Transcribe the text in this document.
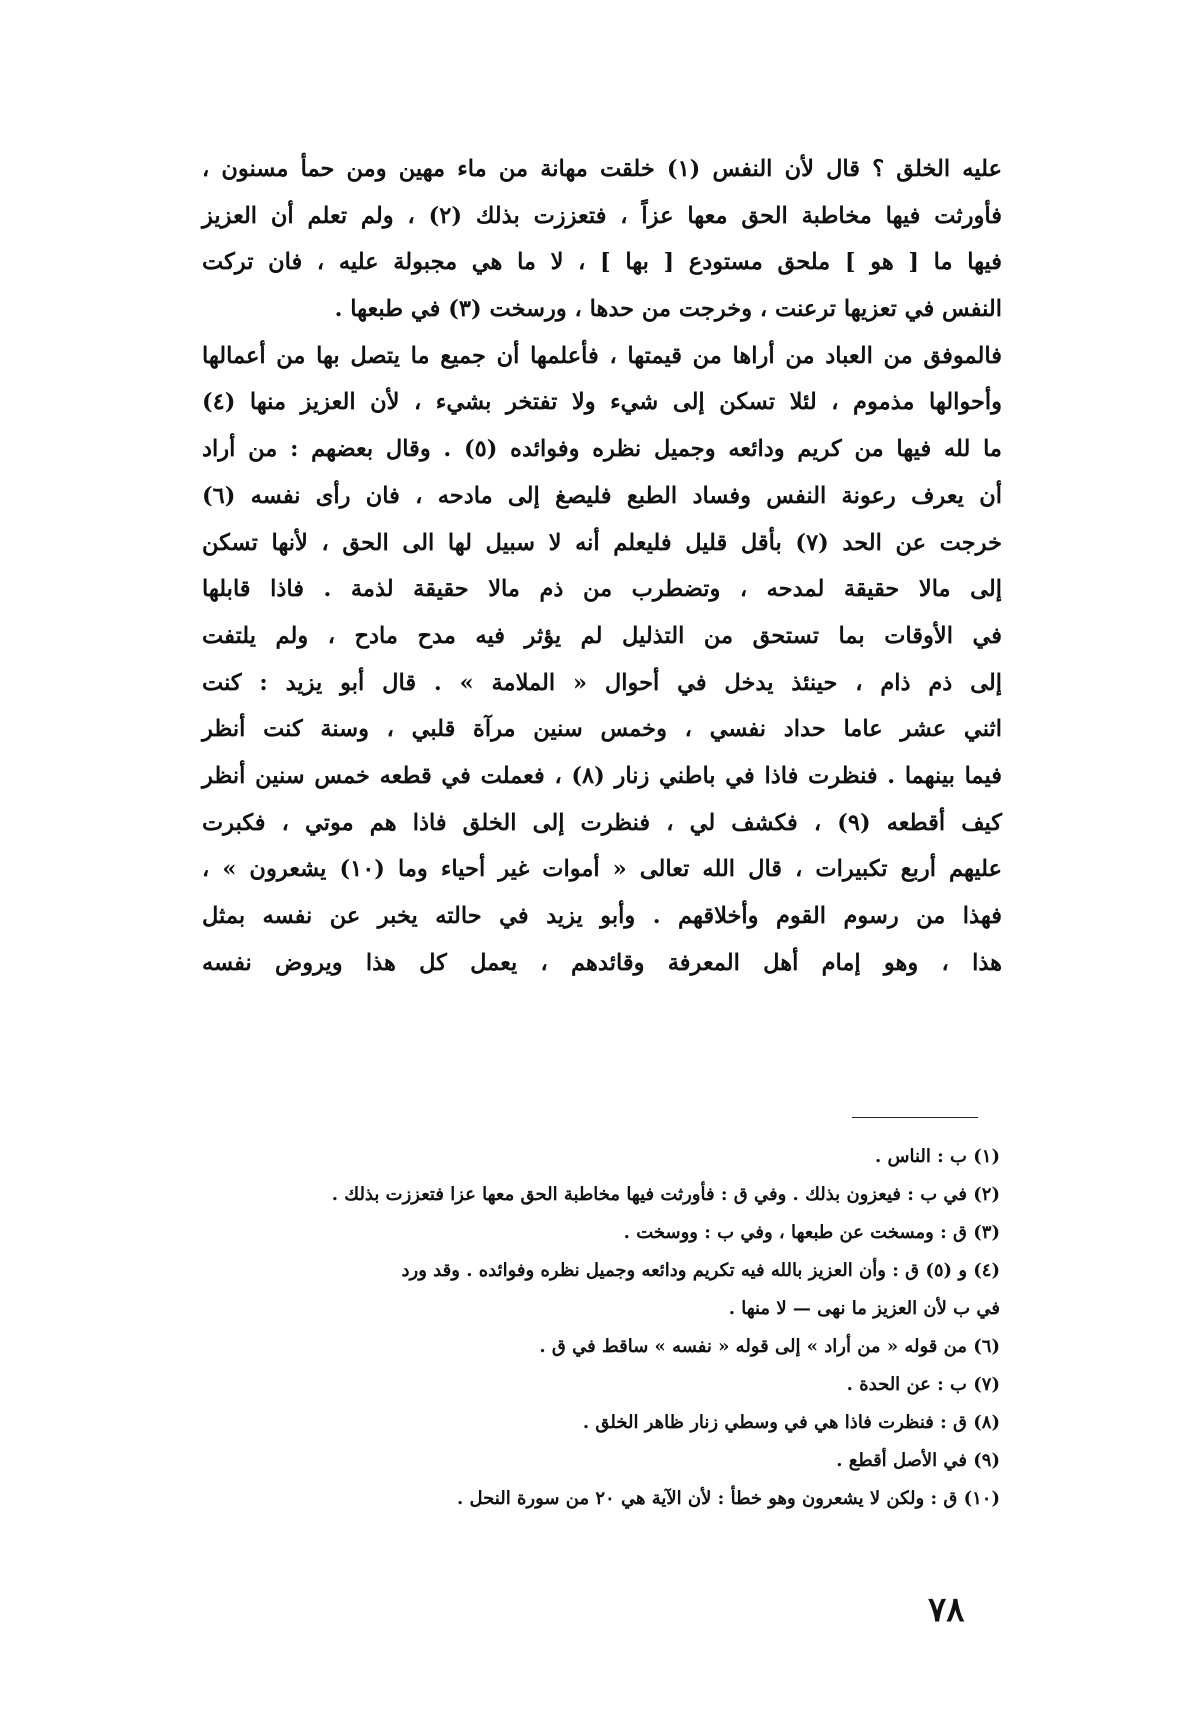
عليه الخلق ؟ قال لأن النفس (١) خلقت مهانة من ماء مهين ومن حمأ مسنون ،
فأورثت فيها مخاطبة الحق معها عزاً ، فتعززت بذلك (٢) ، ولم تعلم أن العزيز
فيها ما [ هو ] ملحق مستودع [ بها ] ، لا ما هي مجبولة عليه ، فان تركت
النفس في تعزيها ترعنت ، وخرجت من حدها ، ورسخت (٣) في طبعها .
فالموفق من العباد من أراها من قيمتها ، فأعلمها أن جميع ما يتصل بها من أعمالها
وأحوالها مذموم ، لئلا تسكن إلى شيء ولا تفتخر بشيء ، لأن العزيز منها (٤)
ما لله فيها من كريم ودائعه وجميل نظره وفوائده (٥) . وقال بعضهم : من أراد
أن يعرف رعونة النفس وفساد الطبع فليصغ إلى مادحه ، فان رأى نفسه (٦)
خرجت عن الحد (٧) بأقل قليل فليعلم أنه لا سبيل لها الى الحق ، لأنها تسكن
إلى مالا حقيقة لمدحه ، وتضطرب من ذم مالا حقيقة لذمة . فاذا قابلها
في الأوقات بما تستحق من التذليل لم يؤثر فيه مدح مادح ، ولم يلتفت
إلى ذم ذام ، حينئذ يدخل في أحوال « الملامة » . قال أبو يزيد : كنت
اثني عشر عاما حداد نفسي ، وخمس سنين مرآة قلبي ، وسنة كنت أنظر
فيما بينهما . فنظرت فاذا في باطني زنار (٨) ، فعملت في قطعه خمس سنين أنظر
كيف أقطعه (٩) ، فكشف لي ، فنظرت إلى الخلق فاذا هم موتي ، فكبرت
عليهم أربع تكبيرات ، قال الله تعالى « أموات غير أحياء وما (١٠) يشعرون » ،
فهذا من رسوم القوم وأخلاقهم . وأبو يزيد في حالته يخبر عن نفسه بمثل
هذا ، وهو إمام أهل المعرفة وقائدهم ، يعمل كل هذا ويروض نفسه
(١) ب : الناس .
(٢) في ب : فيعزون بذلك . وفي ق : فأورثت فيها مخاطبة الحق معها عزا فتعززت بذلك .
(٣) ق : ومسخت عن طبعها ، وفي ب : ووسخت .
(٤) و (٥) ق : وأن العزيز بالله فيه تكريم ودائعه وجميل نظره وفوائده . وقد ورد
في ب لأن العزيز ما نهى — لا منها .
(٦) من قوله « من أراد » إلى قوله « نفسه » ساقط في ق .
(٧) ب : عن الحدة .
(٨) ق : فنظرت فاذا هي في وسطي زنار ظاهر الخلق .
(٩) في الأصل أقطع .
(١٠) ق : ولكن لا يشعرون وهو خطأ : لأن الآية هي ٢٠ من سورة النحل .
٧٨
